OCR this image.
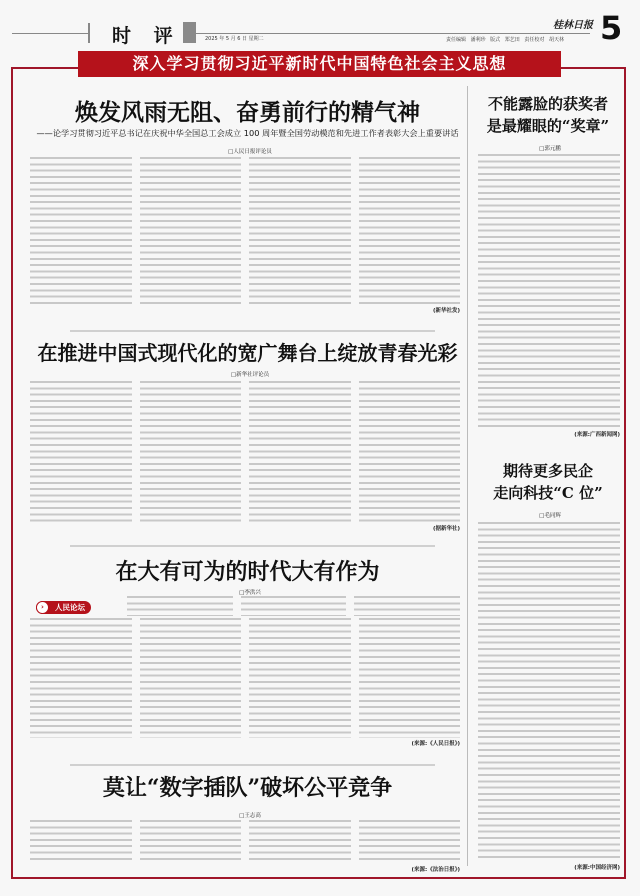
时 评	2025 年 5 月 6 日 星期二
桂林日报
责任编辑 潘利珍 版式 郑艺田 责任校对 胡天林 5
深入学习贯彻习近平新时代中国特色社会主义思想
焕发风雨无阻、奋勇前行的精气神
——论学习贯彻习近平总书记在庆祝中华全国总工会成立 100 周年暨全国劳动模范和先进工作者表彰大会上重要讲话
□人民日报评论员
(新华社发)
在推进中国式现代化的宽广舞台上绽放青春光彩
□新华社评论员
(据新华社)
在大有可为的时代大有作为
□李洪兴
人民论坛
›
(来源:《人民日报》)
莫让“数字插队”破坏公平竞争
□王志高
(来源:《法治日报》)
不能露脸的获奖者
是最耀眼的“奖章”
□郭元鹏
(来源:广西新闻网)
期待更多民企
走向科技“C 位”
□毛同辉
(来源:中国经济网)
